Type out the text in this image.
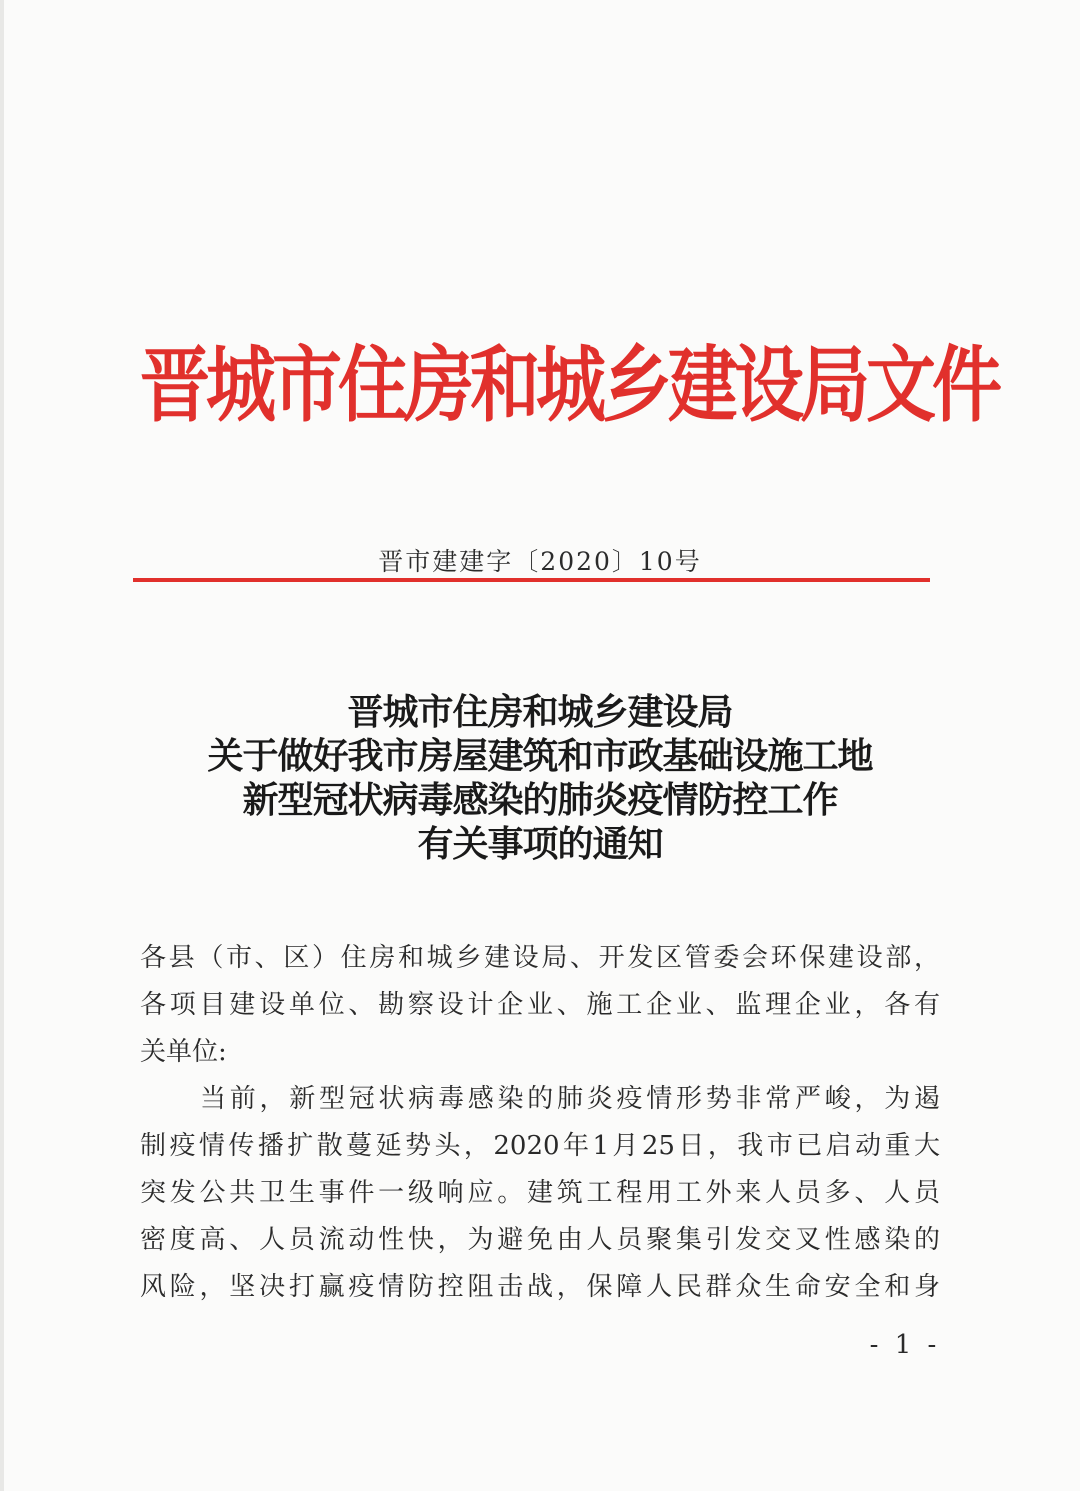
晋城市住房和城乡建设局文件
晋市建建字〔2020〕10号
晋城市住房和城乡建设局
关于做好我市房屋建筑和市政基础设施工地
新型冠状病毒感染的肺炎疫情防控工作
有关事项的通知
各县（市、区）住房和城乡建设局、开发区管委会环保建设部，
各项目建设单位、勘察设计企业、施工企业、监理企业，各有
关单位:
当前，新型冠状病毒感染的肺炎疫情形势非常严峻，为遏
制疫情传播扩散蔓延势头，2020年1月25日，我市已启动重大
突发公共卫生事件一级响应。建筑工程用工外来人员多、人员
密度高、人员流动性快，为避免由人员聚集引发交叉性感染的
风险，坚决打赢疫情防控阻击战，保障人民群众生命安全和身
- 1 -
